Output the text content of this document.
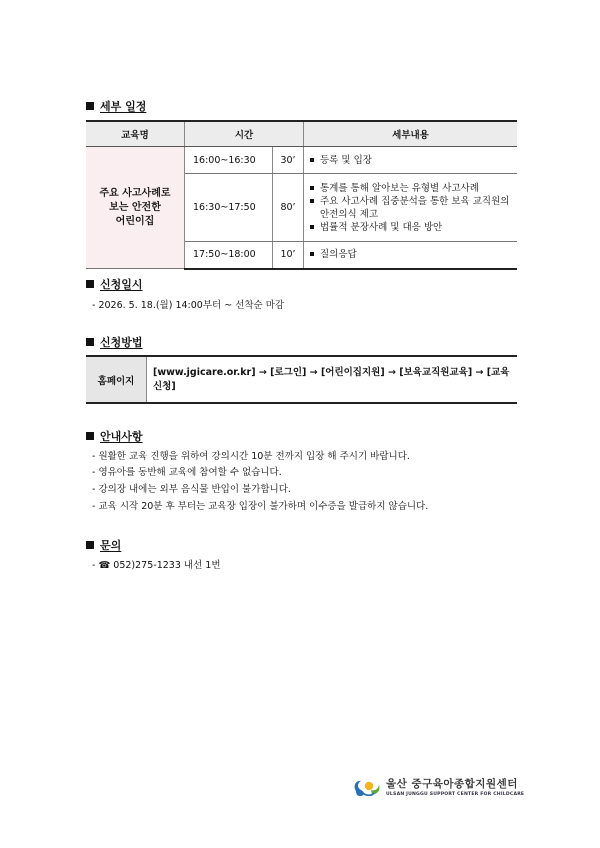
세부 일정
교육명	시간		세부내용

주요 사고사례로
보는 안전한
어린이집	16:00~16:30	30’	등록 및 입장

	16:30~17:50	80’	통계를 통해 알아보는 유형별 사고사례
주요 사고사례 집중분석을 통한 보육 교직원의 안전의식 제고
법률적 분장사례 및 대응 방안

	17:50~18:00	10’	질의응답
신청일시
- 2026. 5. 18.(월) 14:00부터 ~ 선착순 마감
신청방법
홈페이지	[www.jgicare.or.kr] → [로그인] → [어린이집지원] → [보육교직원교육] → [교육신청]
안내사항
- 원활한 교육 진행을 위하여 강의시간 10분 전까지 입장 해 주시기 바랍니다.
- 영유아를 동반해 교육에 참여할 수 없습니다.
- 강의장 내에는 외부 음식물 반입이 불가합니다.
- 교육 시작 20분 후 부터는 교육장 입장이 불가하며 이수증을 발급하지 않습니다.
문의
- ☎ 052)275-1233 내선 1번
울산 중구육아종합지원센터
ULSAN JUNGGU SUPPORT CENTER FOR CHILDCARE
